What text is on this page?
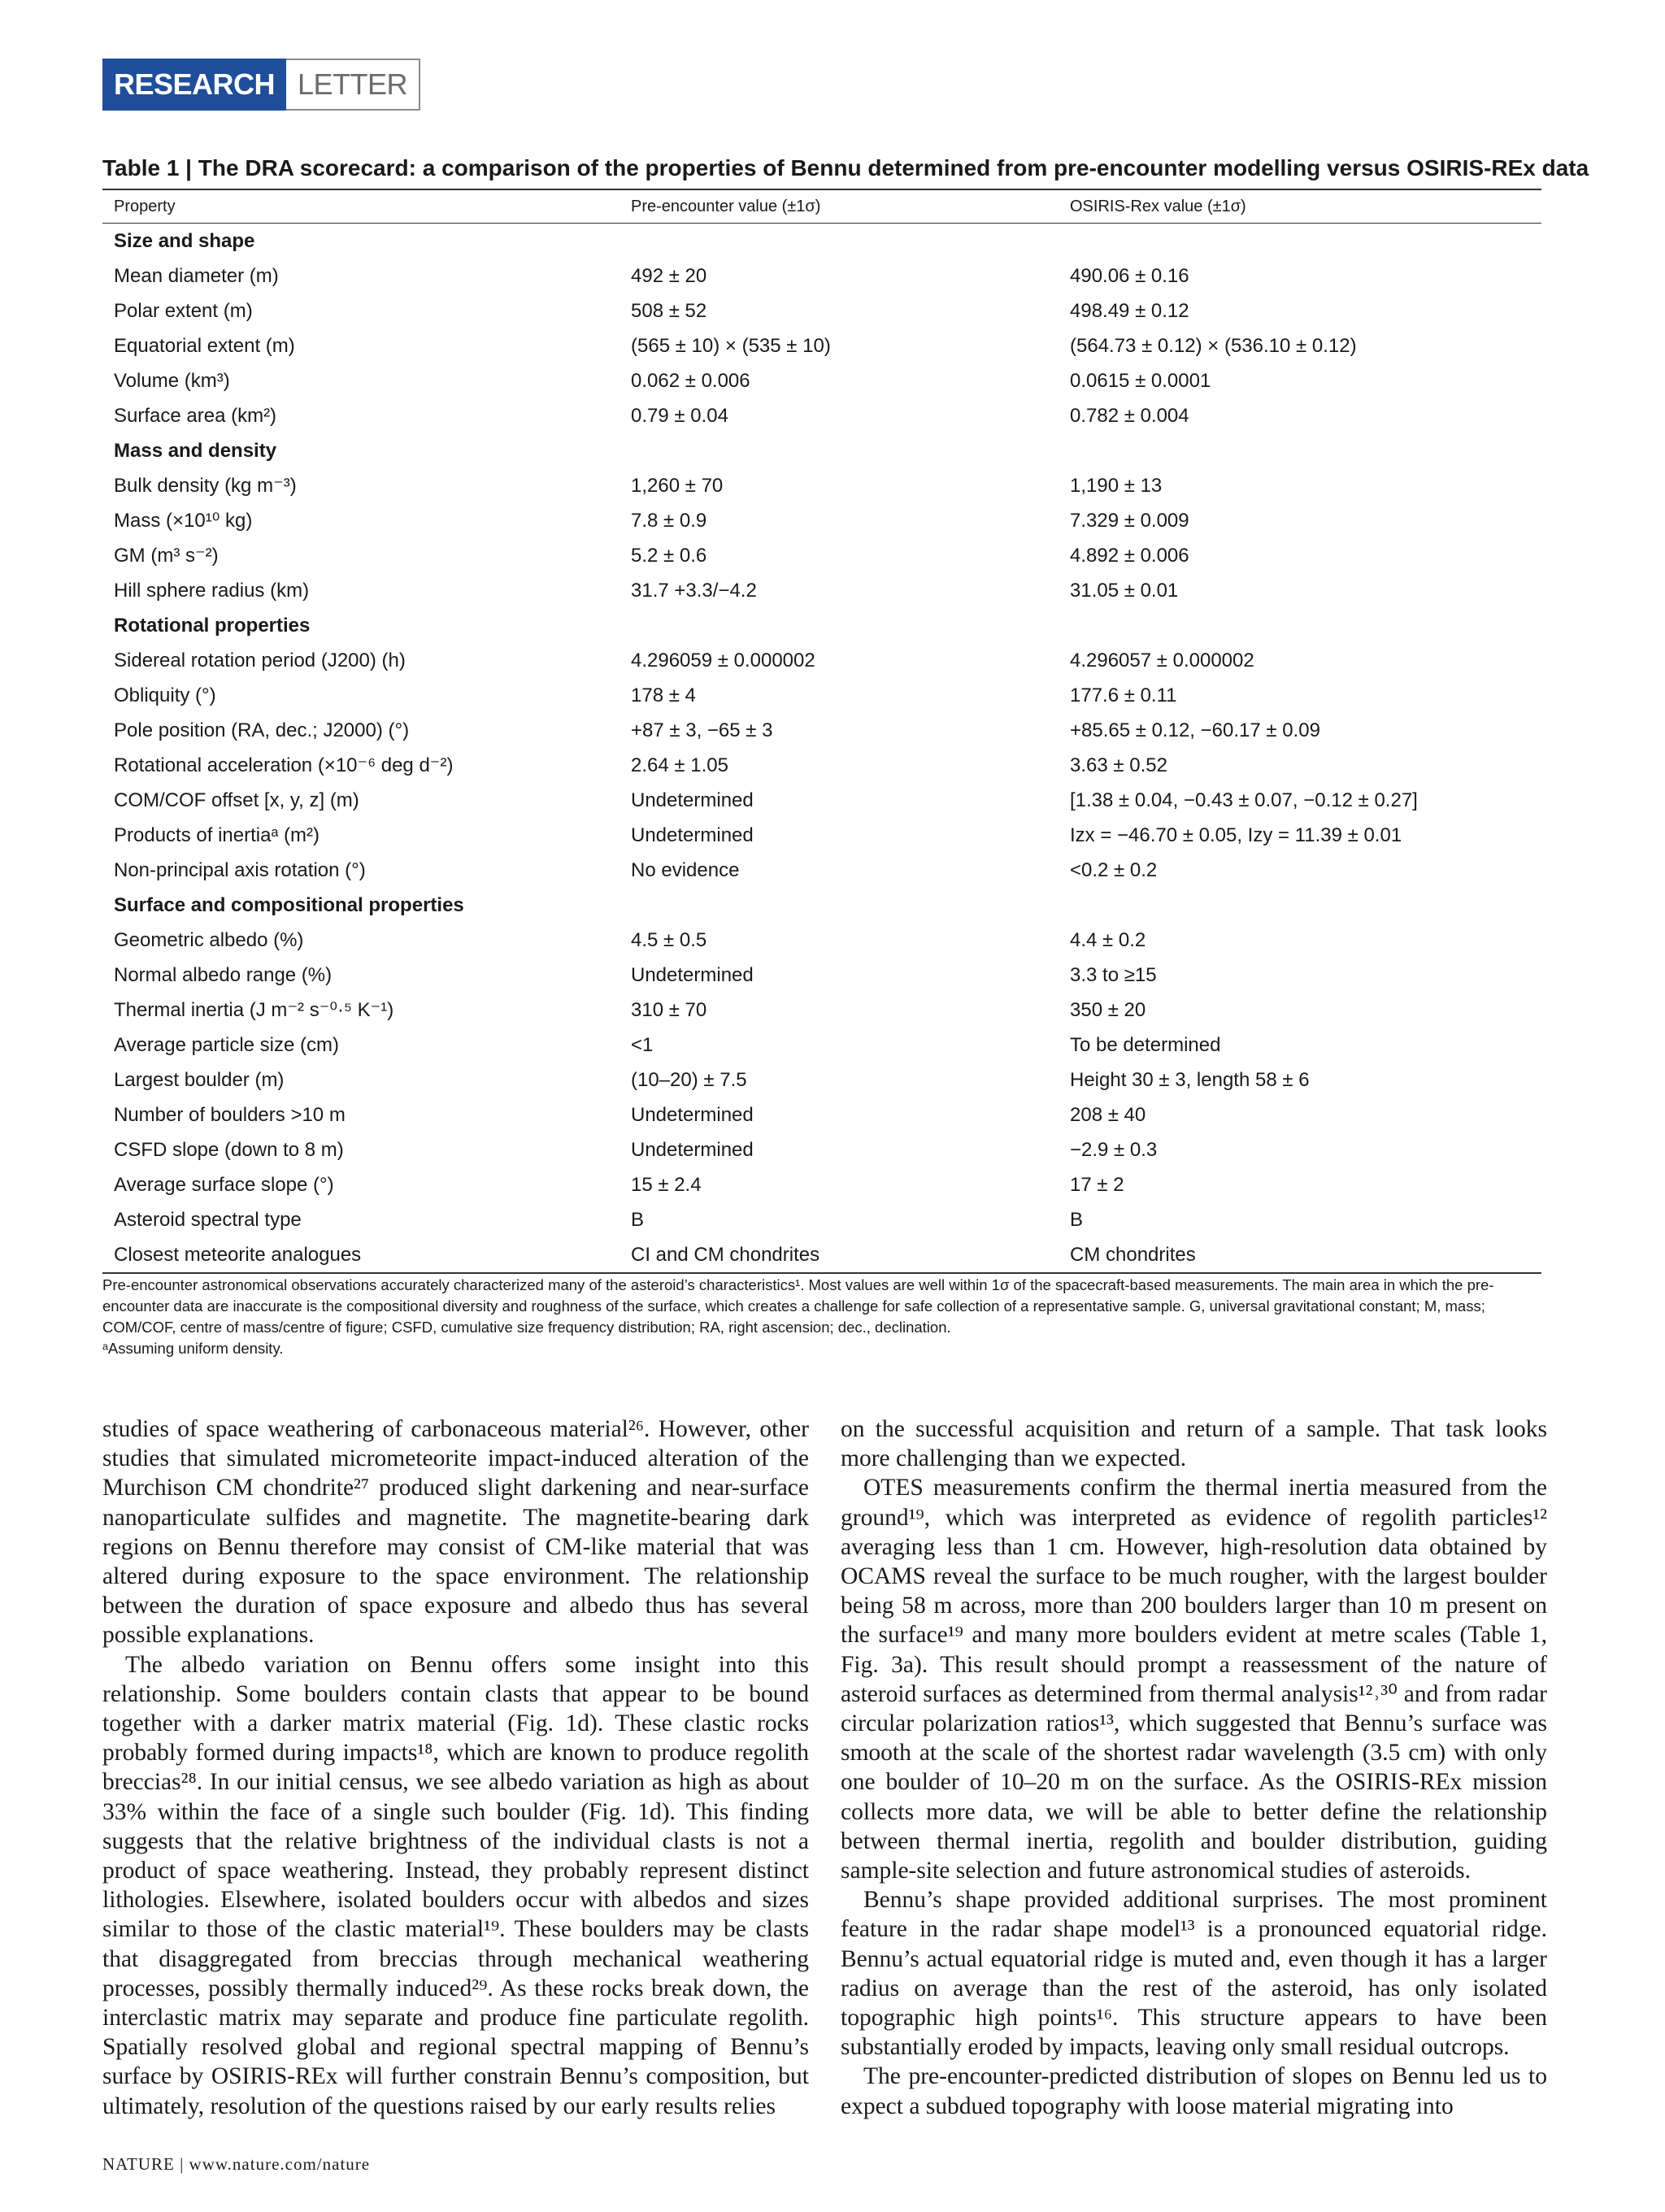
RESEARCH LETTER
Table 1 | The DRA scorecard: a comparison of the properties of Bennu determined from pre-encounter modelling versus OSIRIS-REx data
Property	Pre-encounter value (±1σ)	OSIRIS-Rex value (±1σ)
Size and shape
Mean diameter (m)	492 ± 20	490.06 ± 0.16
Polar extent (m)	508 ± 52	498.49 ± 0.12
Equatorial extent (m)	(565 ± 10) × (535 ± 10)	(564.73 ± 0.12) × (536.10 ± 0.12)
Volume (km³)	0.062 ± 0.006	0.0615 ± 0.0001
Surface area (km²)	0.79 ± 0.04	0.782 ± 0.004
Mass and density
Bulk density (kg m⁻³)	1,260 ± 70	1,190 ± 13
Mass (×10¹⁰ kg)	7.8 ± 0.9	7.329 ± 0.009
GM (m³ s⁻²)	5.2 ± 0.6	4.892 ± 0.006
Hill sphere radius (km)	31.7 +3.3/−4.2	31.05 ± 0.01
Rotational properties
Sidereal rotation period (J200) (h)	4.296059 ± 0.000002	4.296057 ± 0.000002
Obliquity (°)	178 ± 4	177.6 ± 0.11
Pole position (RA, dec.; J2000) (°)	+87 ± 3, −65 ± 3	+85.65 ± 0.12, −60.17 ± 0.09
Rotational acceleration (×10⁻⁶ deg d⁻²)	2.64 ± 1.05	3.63 ± 0.52
COM/COF offset [x, y, z] (m)	Undetermined	[1.38 ± 0.04, −0.43 ± 0.07, −0.12 ± 0.27]
Products of inertiaᵃ (m²)	Undetermined	Izx = −46.70 ± 0.05, Izy = 11.39 ± 0.01
Non-principal axis rotation (°)	No evidence	<0.2 ± 0.2
Surface and compositional properties
Geometric albedo (%)	4.5 ± 0.5	4.4 ± 0.2
Normal albedo range (%)	Undetermined	3.3 to ≥15
Thermal inertia (J m⁻² s⁻⁰·⁵ K⁻¹)	310 ± 70	350 ± 20
Average particle size (cm)	<1	To be determined
Largest boulder (m)	(10–20) ± 7.5	Height 30 ± 3, length 58 ± 6
Number of boulders >10 m	Undetermined	208 ± 40
CSFD slope (down to 8 m)	Undetermined	−2.9 ± 0.3
Average surface slope (°)	15 ± 2.4	17 ± 2
Asteroid spectral type	B	B
Closest meteorite analogues	CI and CM chondrites	CM chondrites

Pre-encounter astronomical observations accurately characterized many of the asteroid’s characteristics¹. Most values are well within 1σ of the spacecraft-based measurements. The main area in which the pre-encounter data are inaccurate is the compositional diversity and roughness of the surface, which creates a challenge for safe collection of a representative sample. G, universal gravitational constant; M, mass; COM/COF, centre of mass/centre of figure; CSFD, cumulative size frequency distribution; RA, right ascension; dec., declination.

ᵃAssuming uniform density.

studies of space weathering of carbonaceous material²⁶. However, other studies that simulated micrometeorite impact-induced alteration of the Murchison CM chondrite²⁷ produced slight darkening and near-surface nanoparticulate sulfides and magnetite. The magnetite-bearing dark regions on Bennu therefore may consist of CM-like material that was altered during exposure to the space environment. The relationship between the duration of space exposure and albedo thus has several possible explanations.

The albedo variation on Bennu offers some insight into this relationship. Some boulders contain clasts that appear to be bound together with a darker matrix material (Fig. 1d). These clastic rocks probably formed during impacts¹⁸, which are known to produce regolith breccias²⁸. In our initial census, we see albedo variation as high as about 33% within the face of a single such boulder (Fig. 1d). This finding suggests that the relative brightness of the individual clasts is not a product of space weathering. Instead, they probably represent distinct lithologies. Elsewhere, isolated boulders occur with albedos and sizes similar to those of the clastic material¹⁹. These boulders may be clasts that disaggregated from breccias through mechanical weathering processes, possibly thermally induced²⁹. As these rocks break down, the interclastic matrix may separate and produce fine particulate regolith. Spatially resolved global and regional spectral mapping of Bennu’s surface by OSIRIS-REx will further constrain Bennu’s composition, but ultimately, resolution of the questions raised by our early results relies

on the successful acquisition and return of a sample. That task looks more challenging than we expected.

OTES measurements confirm the thermal inertia measured from the ground¹⁹, which was interpreted as evidence of regolith particles¹² averaging less than 1 cm. However, high-resolution data obtained by OCAMS reveal the surface to be much rougher, with the largest boulder being 58 m across, more than 200 boulders larger than 10 m present on the surface¹⁹ and many more boulders evident at metre scales (Table 1, Fig. 3a). This result should prompt a reassessment of the nature of asteroid surfaces as determined from thermal analysis¹²˒³⁰ and from radar circular polarization ratios¹³, which suggested that Bennu’s surface was smooth at the scale of the shortest radar wavelength (3.5 cm) with only one boulder of 10–20 m on the surface. As the OSIRIS-REx mission collects more data, we will be able to better define the relationship between thermal inertia, regolith and boulder distribution, guiding sample-site selection and future astronomical studies of asteroids.

Bennu’s shape provided additional surprises. The most prominent feature in the radar shape model¹³ is a pronounced equatorial ridge. Bennu’s actual equatorial ridge is muted and, even though it has a larger radius on average than the rest of the asteroid, has only isolated topographic high points¹⁶. This structure appears to have been substantially eroded by impacts, leaving only small residual outcrops.

The pre-encounter-predicted distribution of slopes on Bennu led us to expect a subdued topography with loose material migrating into

NATURE | www.nature.com/nature
